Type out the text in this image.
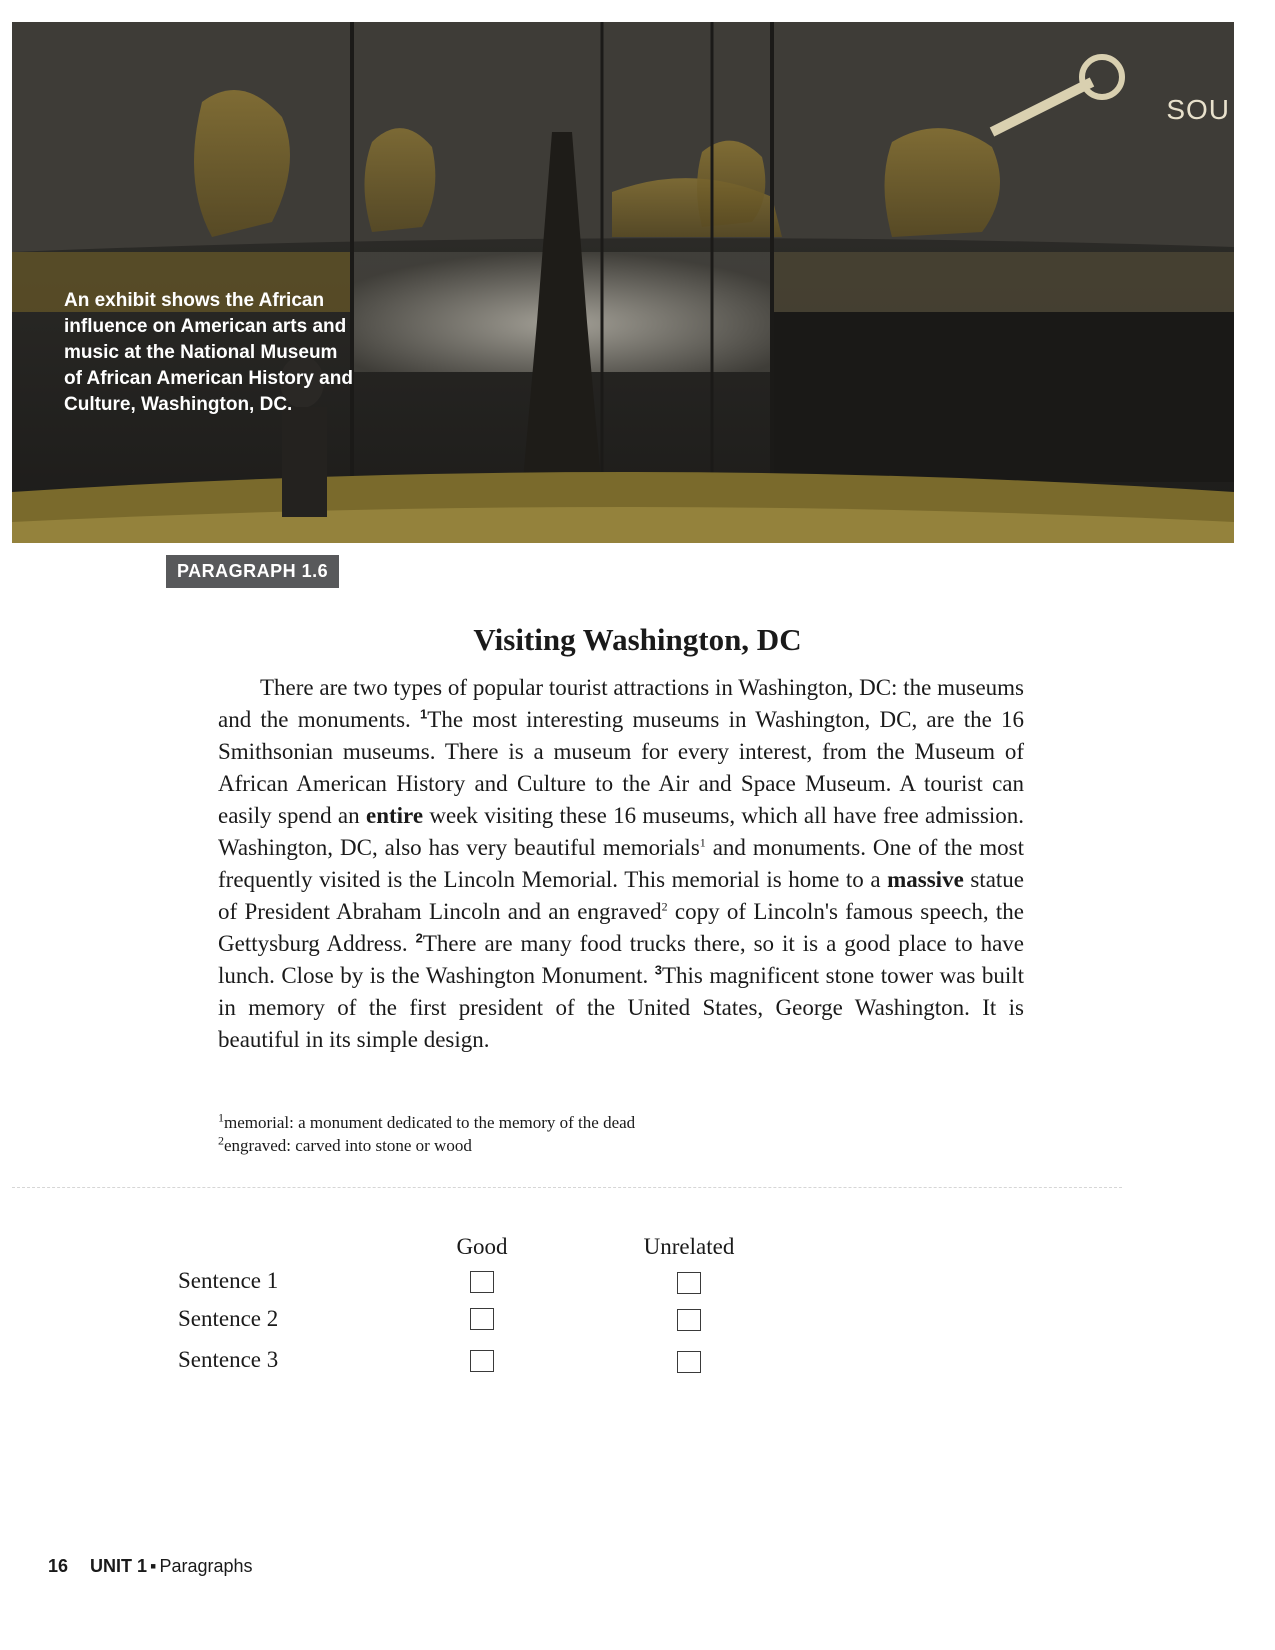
SOU

An exhibit shows the African influence on American arts and music at the National Museum of African American History and Culture, Washington, DC.

PARAGRAPH 1.6
Visiting Washington, DC

There are two types of popular tourist attractions in Washington, DC: the museums and the monuments. $^1$The most interesting museums in Washington, DC, are the 16 Smithsonian museums. There is a museum for every interest, from the Museum of African American History and Culture to the Air and Space Museum. A tourist can easily spend an entire week visiting these 16 museums, which all have free admission. Washington, DC, also has very beautiful memorials$^1$ and monuments. One of the most frequently visited is the Lincoln Memorial. This memorial is home to a massive statue of President Abraham Lincoln and an engraved$^2$ copy of Lincoln's famous speech, the Gettysburg Address. $^2$There are many food trucks there, so it is a good place to have lunch. Close by is the Washington Monument. $^3$This magnificent stone tower was built in memory of the first president of the United States, George Washington. It is beautiful in its simple design.

$^1$memorial: a monument dedicated to the memory of the dead
$^2$engraved: carved into stone or wood
Good	Unrelated
Sentence 1
Sentence 2
Sentence 3
16 UNIT 1 ▪ Paragraphs
